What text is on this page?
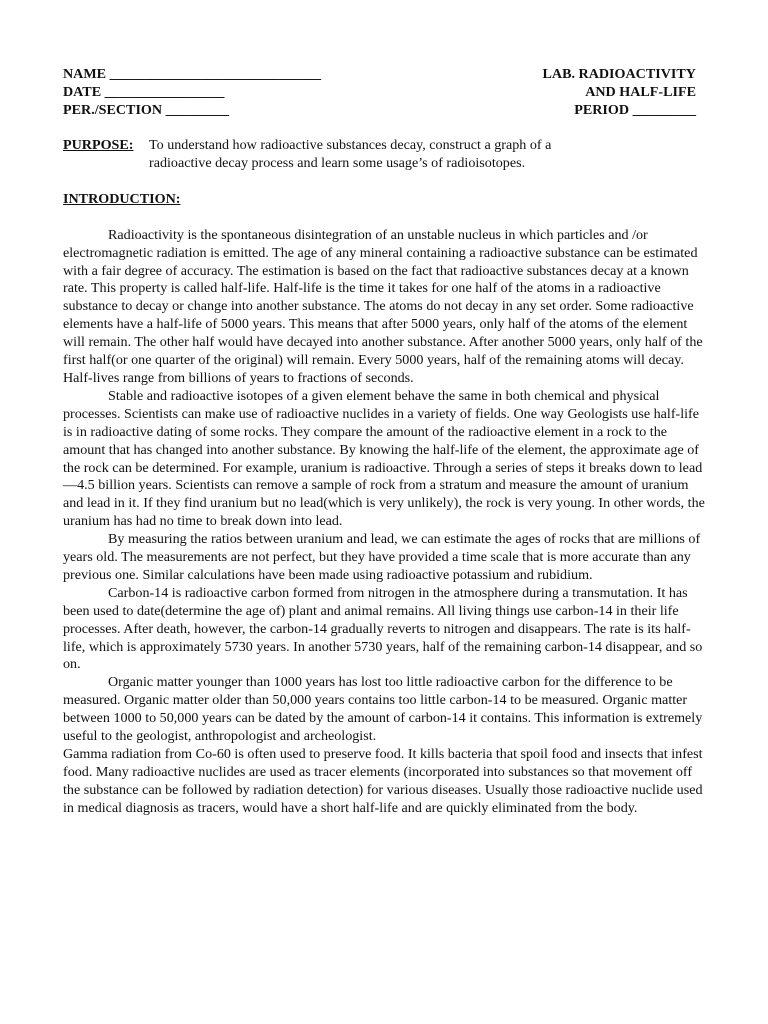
NAME ______________________________
DATE _________________
PER./SECTION _________
LAB. RADIOACTIVITY
AND HALF-LIFE
PERIOD _________
PURPOSE:	To understand how radioactive substances decay, construct a graph of a
radioactive decay process and learn some usage’s of radioisotopes.
INTRODUCTION:

Radioactivity is the spontaneous disintegration of an unstable nucleus in which particles and /or electromagnetic radiation is emitted. The age of any mineral containing a radioactive substance can be estimated with a fair degree of accuracy. The estimation is based on the fact that radioactive substances decay at a known rate. This property is called half-life. Half-life is the time it takes for one half of the atoms in a radioactive substance to decay or change into another substance. The atoms do not decay in any set order. Some radioactive elements have a half-life of 5000 years. This means that after 5000 years, only half of the atoms of the element will remain. The other half would have decayed into another substance. After another 5000 years, only half of the first half(or one quarter of the original) will remain. Every 5000 years, half of the remaining atoms will decay. Half-lives range from billions of years to fractions of seconds.

Stable and radioactive isotopes of a given element behave the same in both chemical and physical processes. Scientists can make use of radioactive nuclides in a variety of fields. One way Geologists use half-life is in radioactive dating of some rocks. They compare the amount of the radioactive element in a rock to the amount that has changed into another substance. By knowing the half-life of the element, the approximate age of the rock can be determined. For example, uranium is radioactive. Through a series of steps it breaks down to lead—4.5 billion years. Scientists can remove a sample of rock from a stratum and measure the amount of uranium and lead in it. If they find uranium but no lead(which is very unlikely), the rock is very young. In other words, the uranium has had no time to break down into lead.

By measuring the ratios between uranium and lead, we can estimate the ages of rocks that are millions of years old. The measurements are not perfect, but they have provided a time scale that is more accurate than any previous one. Similar calculations have been made using radioactive potassium and rubidium.

Carbon-14 is radioactive carbon formed from nitrogen in the atmosphere during a transmutation. It has been used to date(determine the age of) plant and animal remains. All living things use carbon-14 in their life processes. After death, however, the carbon-14 gradually reverts to nitrogen and disappears. The rate is its half-life, which is approximately 5730 years. In another 5730 years, half of the remaining carbon-14 disappear, and so on.

Organic matter younger than 1000 years has lost too little radioactive carbon for the difference to be measured. Organic matter older than 50,000 years contains too little carbon-14 to be measured. Organic matter between 1000 to 50,000 years can be dated by the amount of carbon-14 it contains. This information is extremely useful to the geologist, anthropologist and archeologist.

Gamma radiation from Co-60 is often used to preserve food. It kills bacteria that spoil food and insects that infest food. Many radioactive nuclides are used as tracer elements (incorporated into substances so that movement off the substance can be followed by radiation detection) for various diseases. Usually those radioactive nuclide used in medical diagnosis as tracers, would have a short half-life and are quickly eliminated from the body.
